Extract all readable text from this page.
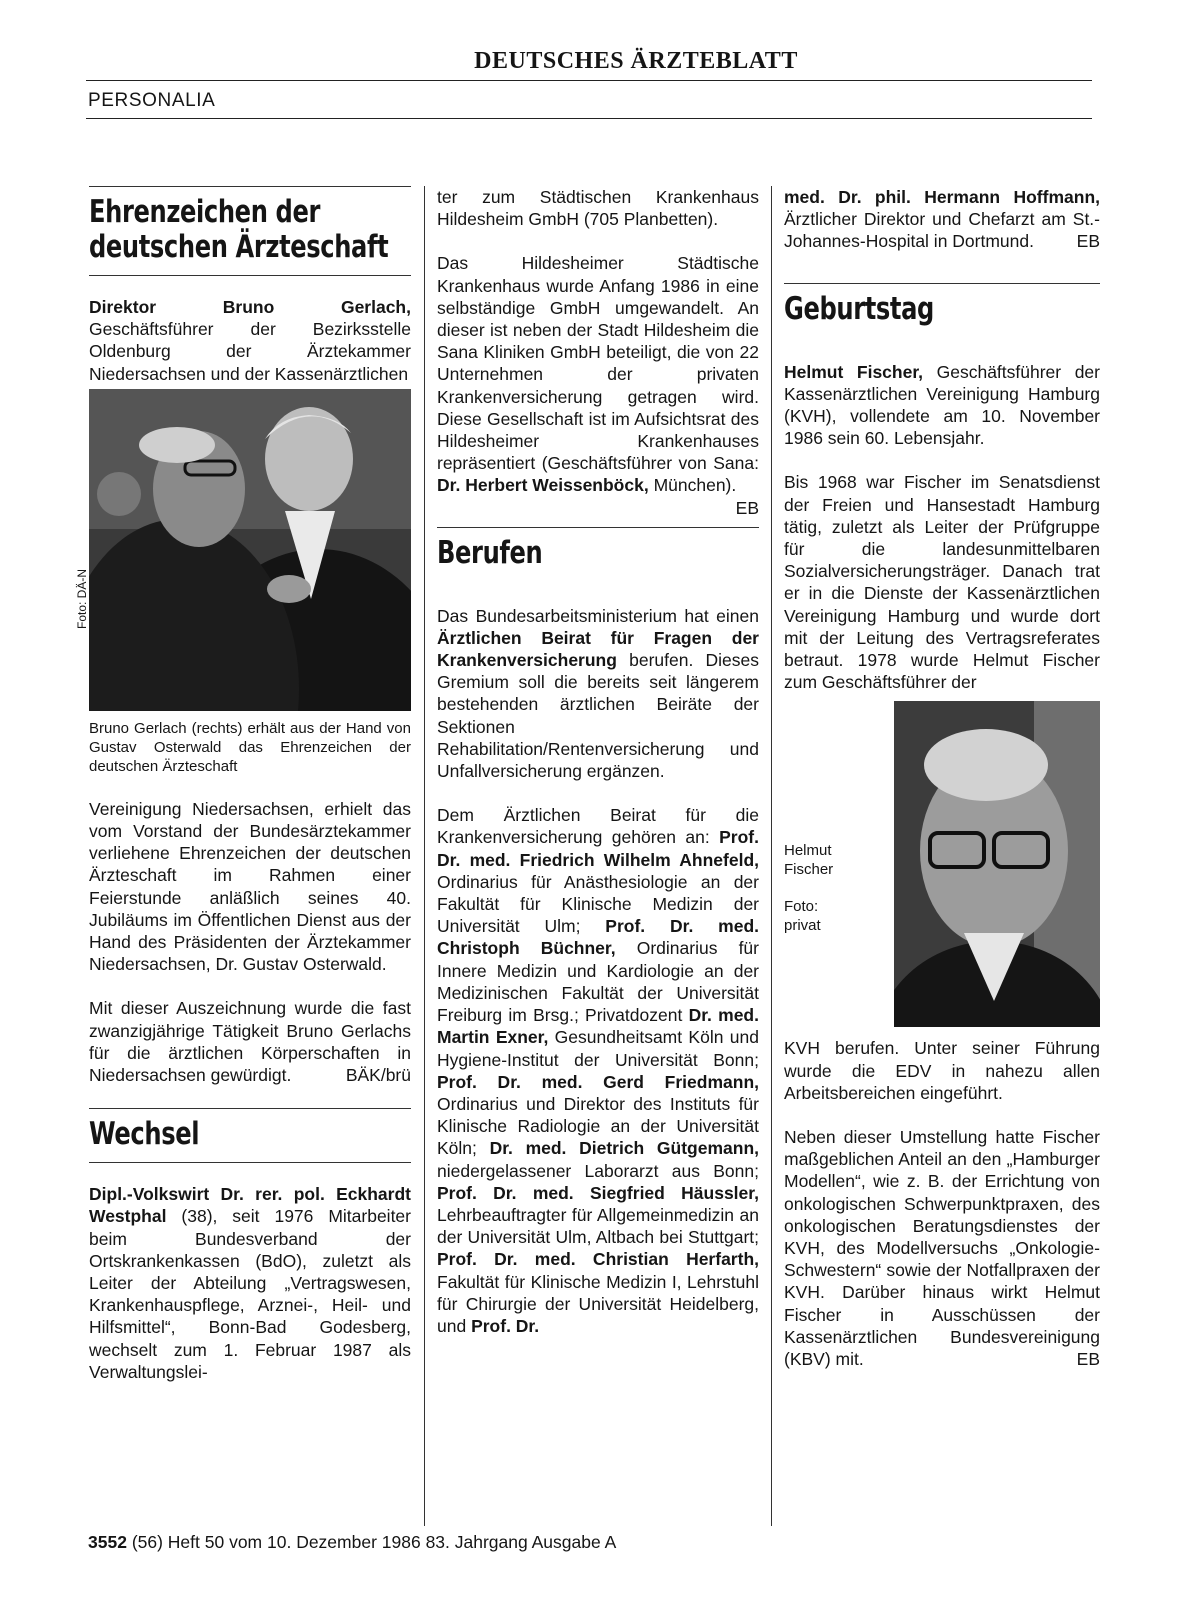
DEUTSCHES ÄRZTEBLATT
PERSONALIA
Ehrenzeichen der
deutschen Ärzteschaft

Direktor Bruno Gerlach, Geschäftsführer der Bezirksstelle Oldenburg der Ärztekammer Niedersachsen und der Kassenärztlichen

Foto: DÄ-N
Bruno Gerlach (rechts) erhält aus der Hand von Gustav Osterwald das Ehrenzeichen der deutschen Ärzteschaft

Vereinigung Niedersachsen, erhielt das vom Vorstand der Bundesärztekammer verliehene Ehrenzeichen der deutschen Ärzteschaft im Rahmen einer Feierstunde anläßlich seines 40. Jubiläums im Öffentlichen Dienst aus der Hand des Präsidenten der Ärztekammer Niedersachsen, Dr. Gustav Osterwald.

Mit dieser Auszeichnung wurde die fast zwanzigjährige Tätigkeit Bruno Gerlachs für die ärztlichen Körperschaften in Niedersachsen gewürdigt.	BÄK/brü

Wechsel

Dipl.-Volkswirt Dr. rer. pol. Eckhardt Westphal (38), seit 1976 Mitarbeiter beim Bundesverband der Ortskrankenkassen (BdO), zuletzt als Leiter der Abteilung „Vertragswesen, Krankenhauspflege, Arznei-, Heil- und Hilfsmittel“, Bonn-Bad Godesberg, wechselt zum 1. Februar 1987 als Verwaltungslei-

ter zum Städtischen Krankenhaus Hildesheim GmbH (705 Planbetten).

Das Hildesheimer Städtische Krankenhaus wurde Anfang 1986 in eine selbständige GmbH umgewandelt. An dieser ist neben der Stadt Hildesheim die Sana Kliniken GmbH beteiligt, die von 22 Unternehmen der privaten Krankenversicherung getragen wird. Diese Gesellschaft ist im Aufsichtsrat des Hildesheimer Krankenhauses repräsentiert (Geschäftsführer von Sana: Dr. Herbert Weissenböck, München).
EB

Berufen

Das Bundesarbeitsministerium hat einen Ärztlichen Beirat für Fragen der Krankenversicherung berufen. Dieses Gremium soll die bereits seit längerem bestehenden ärztlichen Beiräte der Sektionen Rehabilitation/Rentenversicherung und Unfallversicherung ergänzen.

Dem Ärztlichen Beirat für die Krankenversicherung gehören an: Prof. Dr. med. Friedrich Wilhelm Ahnefeld, Ordinarius für Anästhesiologie an der Fakultät für Klinische Medizin der Universität Ulm; Prof. Dr. med. Christoph Büchner, Ordinarius für Innere Medizin und Kardiologie an der Medizinischen Fakultät der Universität Freiburg im Brsg.; Privatdozent Dr. med. Martin Exner, Gesundheitsamt Köln und Hygiene-Institut der Universität Bonn; Prof. Dr. med. Gerd Friedmann, Ordinarius und Direktor des Instituts für Klinische Radiologie an der Universität Köln; Dr. med. Dietrich Gütgemann, niedergelassener Laborarzt aus Bonn; Prof. Dr. med. Siegfried Häussler, Lehrbeauftragter für Allgemeinmedizin an der Universität Ulm, Altbach bei Stuttgart; Prof. Dr. med. Christian Herfarth, Fakultät für Klinische Medizin I, Lehrstuhl für Chirurgie der Universität Heidelberg, und Prof. Dr.

med. Dr. phil. Hermann Hoffmann, Ärztlicher Direktor und Chefarzt am St.-Johannes-Hospital in Dortmund. EB

Geburtstag

Helmut Fischer, Geschäftsführer der Kassenärztlichen Vereinigung Hamburg (KVH), vollendete am 10. November 1986 sein 60. Lebensjahr.

Bis 1968 war Fischer im Senatsdienst der Freien und Hansestadt Hamburg tätig, zuletzt als Leiter der Prüfgruppe für die landesunmittelbaren Sozialversicherungsträger. Danach trat er in die Dienste der Kassenärztlichen Vereinigung Hamburg und wurde dort mit der Leitung des Vertragsreferates betraut. 1978 wurde Helmut Fischer zum Geschäftsführer der

Helmut
Fischer
Foto:
privat

KVH berufen. Unter seiner Führung wurde die EDV in nahezu allen Arbeitsbereichen eingeführt.

Neben dieser Umstellung hatte Fischer maßgeblichen Anteil an den „Hamburger Modellen“, wie z. B. der Errichtung von onkologischen Schwerpunktpraxen, des onkologischen Beratungsdienstes der KVH, des Modellversuchs „Onkologie-Schwestern“ sowie der Notfallpraxen der KVH. Darüber hinaus wirkt Helmut Fischer in Ausschüssen der Kassenärztlichen Bundesvereinigung (KBV) mit.	EB

3552 (56) Heft 50 vom 10. Dezember 1986 83. Jahrgang Ausgabe A
